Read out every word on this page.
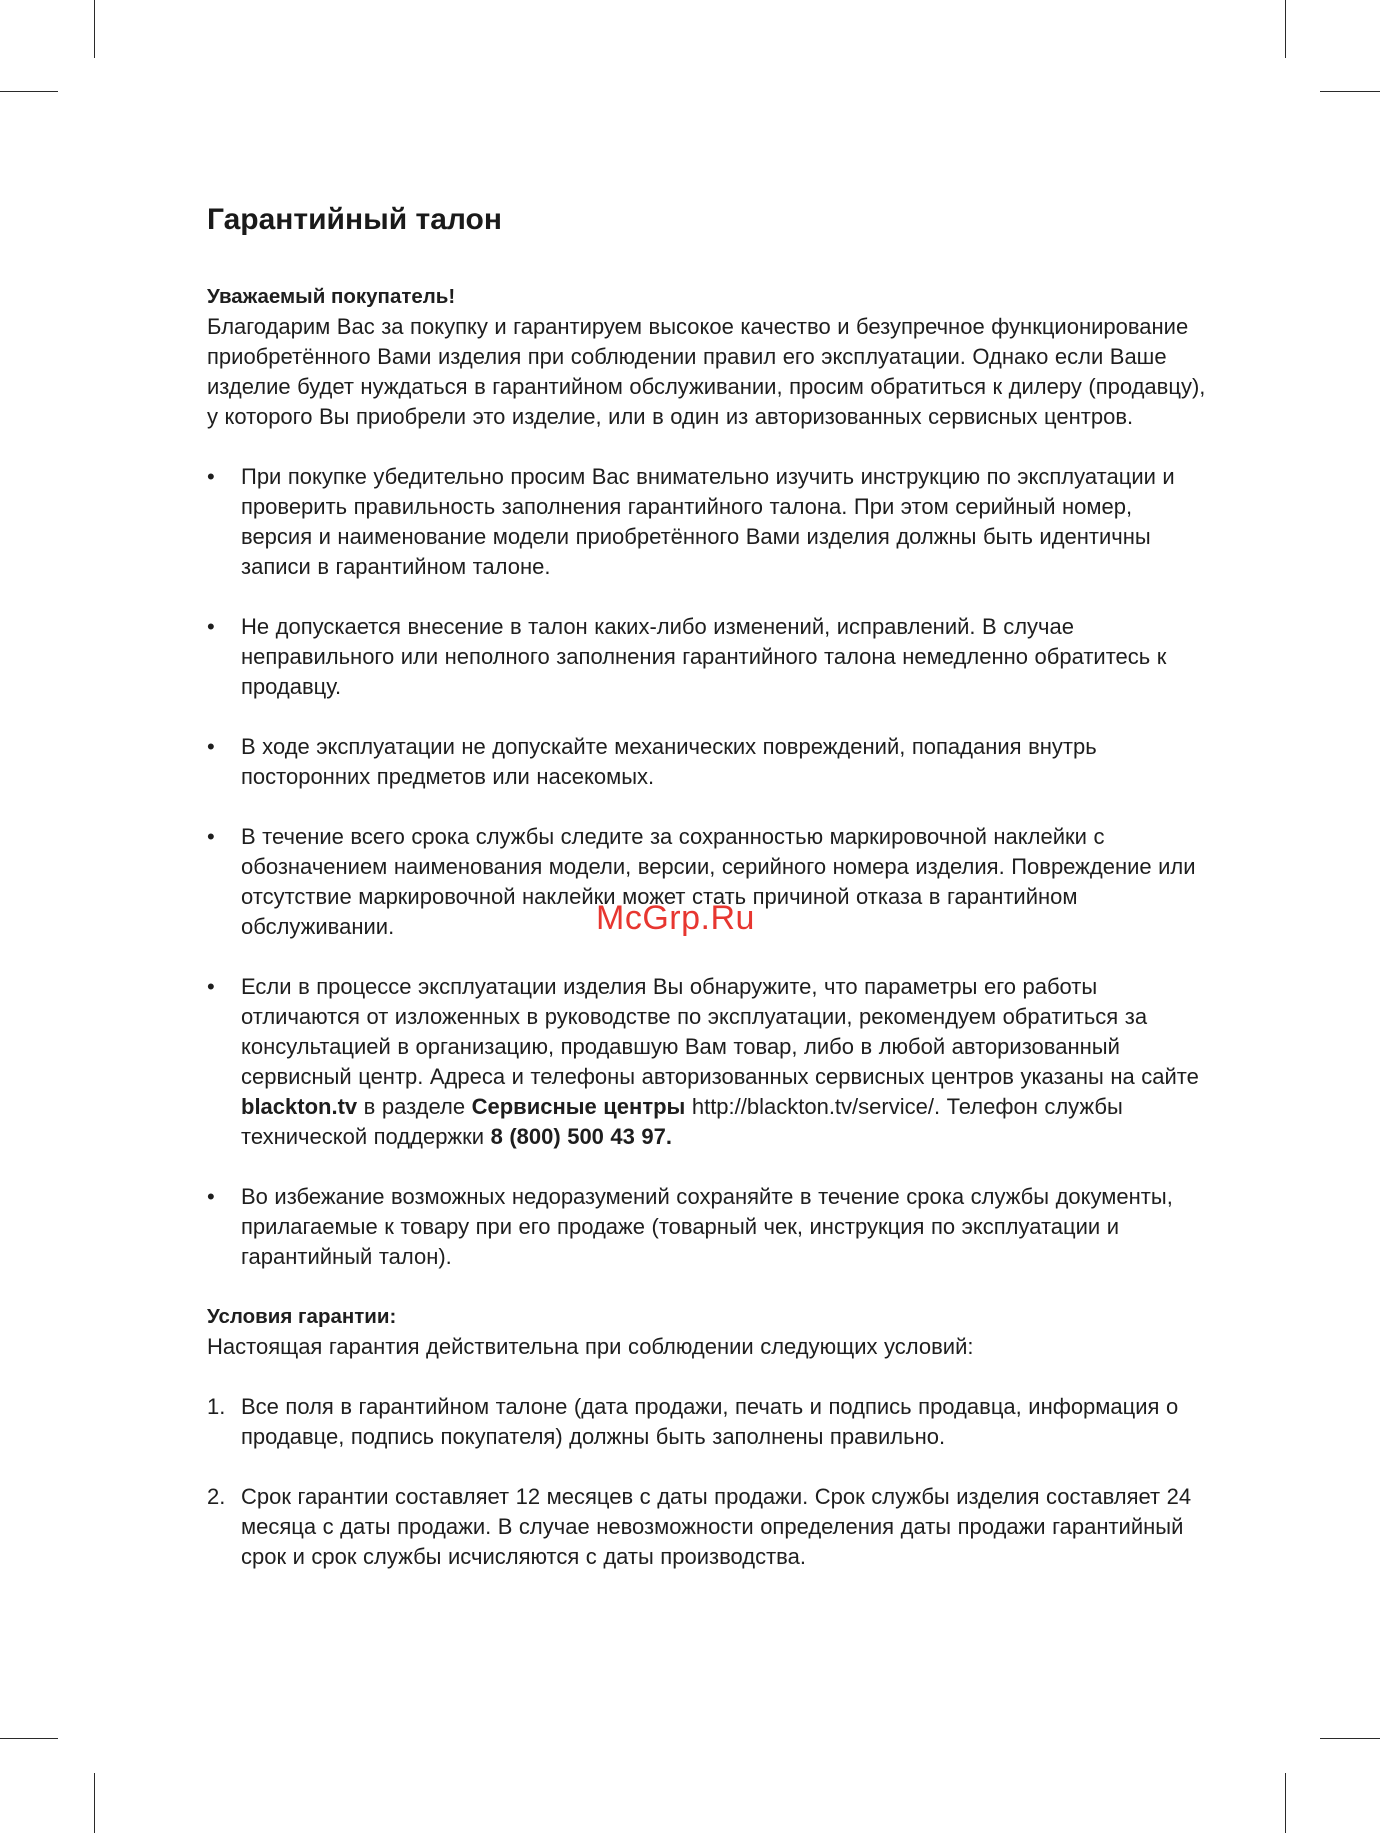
Гарантийный талон
Уважаемый покупатель!

Благодарим Вас за покупку и гарантируем высокое качество и безупречное функционирование приобретённого Вами изделия при соблюдении правил его эксплуатации. Однако если Ваше изделие будет нуждаться в гарантийном обслуживании, просим обратиться к дилеру (продавцу), у которого Вы приобрели это изделие, или в один из авторизованных сервисных центров.

•	При покупке убедительно просим Вас внимательно изучить инструкцию по эксплуатации и проверить правильность заполнения гарантийного талона. При этом серийный номер, версия и наименование модели приобретённого Вами изделия должны быть идентичны записи в гарантийном талоне.
•	Не допускается внесение в талон каких-либо изменений, исправлений. В случае неправильного или неполного заполнения гарантийного талона немедленно обратитесь к продавцу.
•	В ходе эксплуатации не допускайте механических повреждений, попадания внутрь посторонних предметов или насекомых.
•	В течение всего срока службы следите за сохранностью маркировочной наклейки с обозначением наименования модели, версии, серийного номера изделия. Повреждение или отсутствие маркировочной наклейки может стать причиной отказа в гарантийном обслуживании.
•	Если в процессе эксплуатации изделия Вы обнаружите, что параметры его работы отличаются от изложенных в руководстве по эксплуатации, рекомендуем обратиться за консультацией в организацию, продавшую Вам товар, либо в любой авторизованный сервисный центр. Адреса и телефоны авторизованных сервисных центров указаны на сайте blackton.tv в разделе Сервисные центры http://blackton.tv/service/. Телефон службы технической поддержки 8 (800) 500 43 97.
•	Во избежание возможных недоразумений сохраняйте в течение срока службы документы, прилагаемые к товару при его продаже (товарный чек, инструкция по эксплуатации и гарантийный талон).
Условия гарантии:

Настоящая гарантия действительна при соблюдении следующих условий:

1. Все поля в гарантийном талоне (дата продажи, печать и подпись продавца, информация о продавце, подпись покупателя) должны быть заполнены правильно.
2. Срок гарантии составляет 12 месяцев с даты продажи. Срок службы изделия составляет 24 месяца с даты продажи. В случае невозможности определения даты продажи гарантийный срок и срок службы исчисляются с даты производства.
McGrp.Ru
